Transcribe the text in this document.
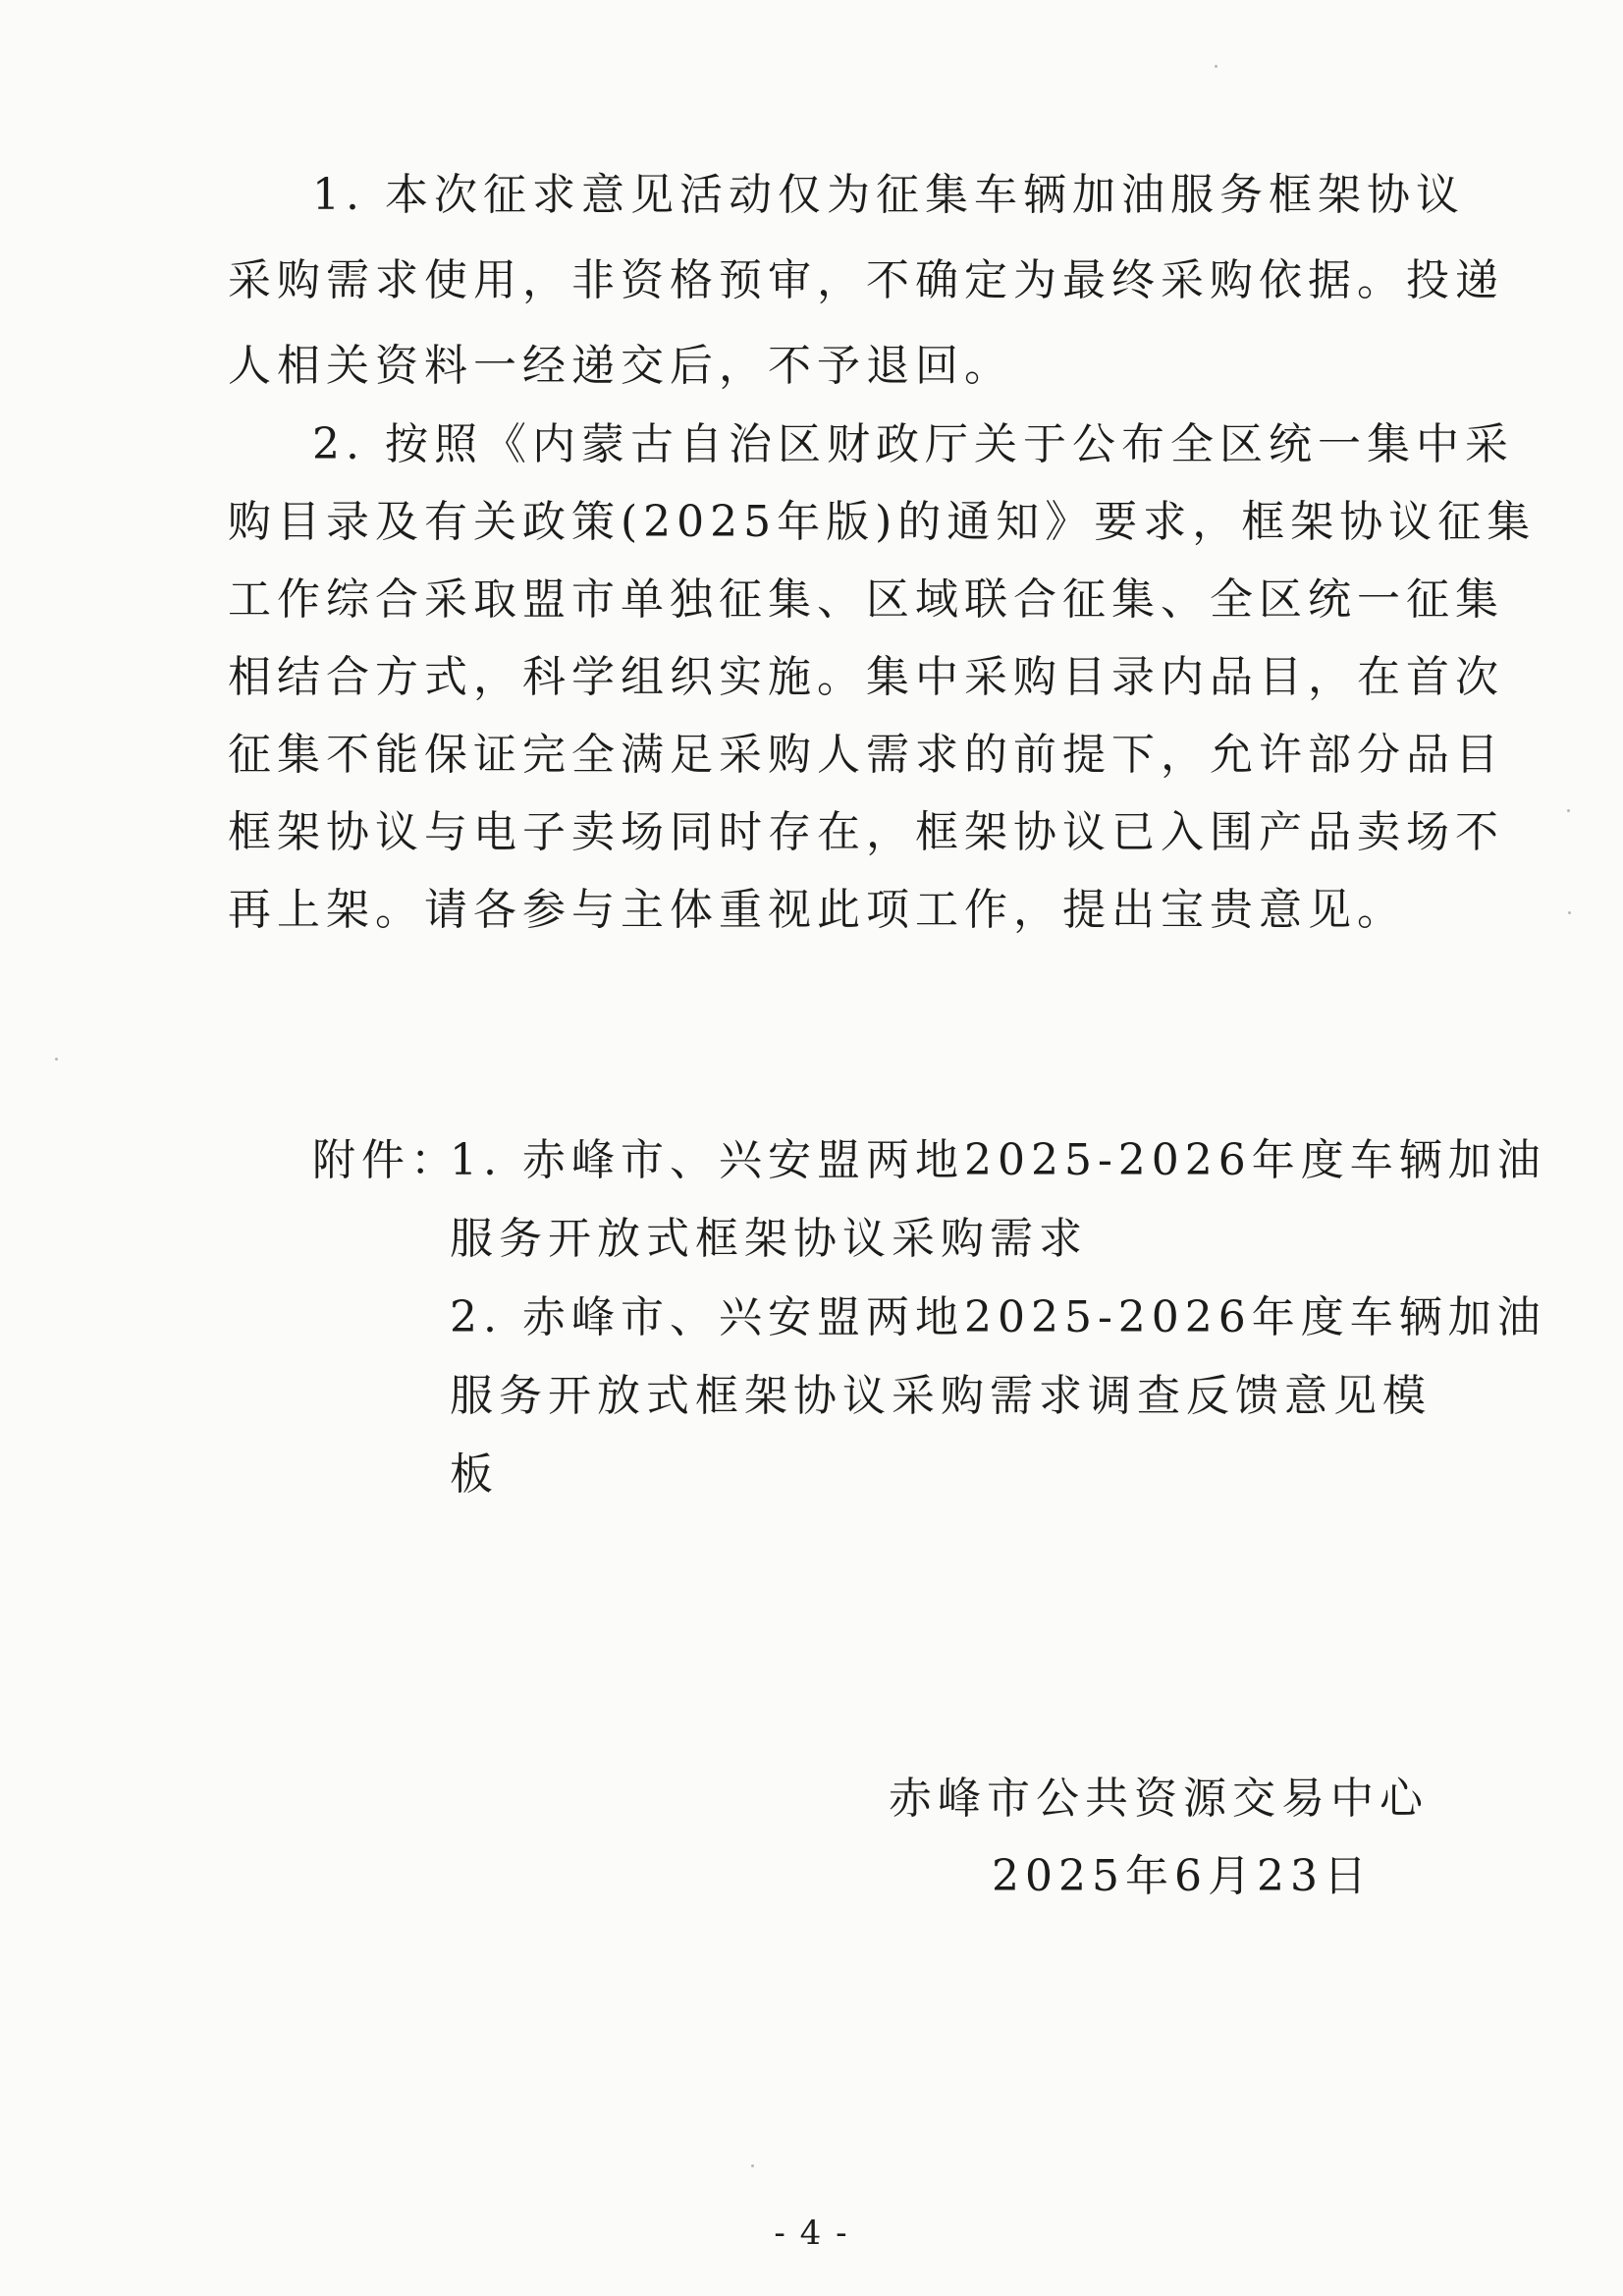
1. 本次征求意见活动仅为征集车辆加油服务框架协议
采购需求使用，非资格预审，不确定为最终采购依据。投递
人相关资料一经递交后，不予退回。
2. 按照《内蒙古自治区财政厅关于公布全区统一集中采
购目录及有关政策(2025年版)的通知》要求，框架协议征集
工作综合采取盟市单独征集、区域联合征集、全区统一征集
相结合方式，科学组织实施。集中采购目录内品目，在首次
征集不能保证完全满足采购人需求的前提下，允许部分品目
框架协议与电子卖场同时存在，框架协议已入围产品卖场不
再上架。请各参与主体重视此项工作，提出宝贵意见。
附件：
1. 赤峰市、兴安盟两地2025-2026年度车辆加油
服务开放式框架协议采购需求
2. 赤峰市、兴安盟两地2025-2026年度车辆加油
服务开放式框架协议采购需求调查反馈意见模
板
赤峰市公共资源交易中心
2025年6月23日
- 4 -
